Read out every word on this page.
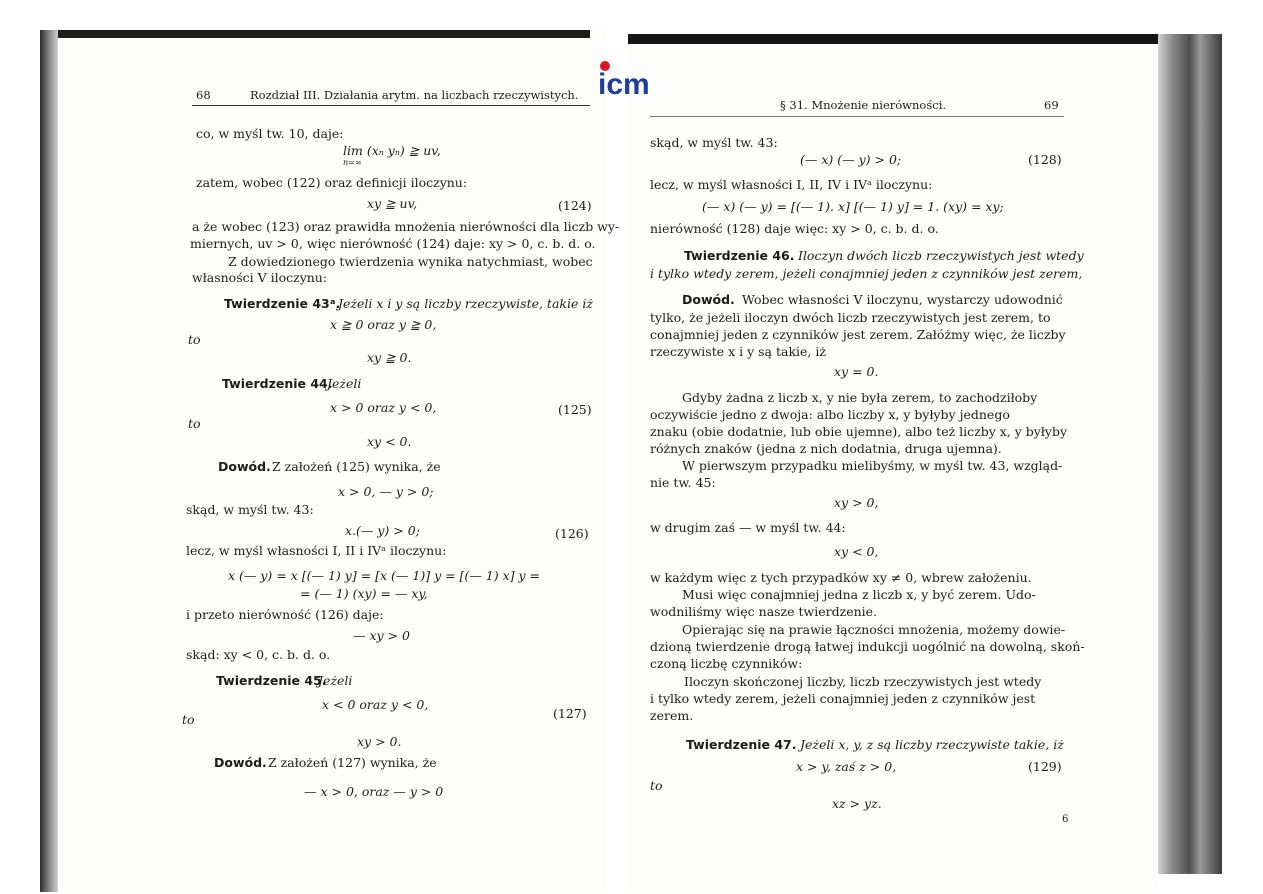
icm
68	Rozdział III. Działania arytm. na liczbach rzeczywistych.
co, w myśl tw. 10, daje:
lim (xₙ yₙ) ≧ uv,
n=∞
zatem, wobec (122) oraz definicji iloczynu:
xy ≧ uv,	(124)
a że wobec (123) oraz prawidła mnożenia nierówności dla liczb wy-
miernych, uv > 0, więc nierówność (124) daje: xy > 0, c. b. d. o.
Z dowiedzionego twierdzenia wynika natychmiast, wobec
własności V iloczynu:
Twierdzenie 43ᵃ.
Jeżeli x i y są liczby rzeczywiste, takie iż
x ≧ 0 oraz y ≧ 0,
to
xy ≧ 0.
Twierdzenie 44.
Jeżeli
x > 0 oraz y < 0,	(125)
to
xy < 0.
Dowód. Z założeń (125) wynika, że
x > 0, — y > 0;
skąd, w myśl tw. 43:
x.(— y) > 0;	(126)
lecz, w myśl własności I, II i IVᵃ iloczynu:
x (— y) = x [(— 1) y] = [x (— 1)] y = [(— 1) x] y =
= (— 1) (xy) = — xy,
i przeto nierówność (126) daje:
— xy > 0
skąd: xy < 0, c. b. d. o.
Twierdzenie 45.
Jeżeli
x < 0 oraz y < 0,
(127)
to
xy > 0.
Dowód. Z założeń (127) wynika, że
— x > 0, oraz — y > 0
§ 31. Mnożenie nierówności.	69
skąd, w myśl tw. 43:
(— x) (— y) > 0;	(128)
lecz, w myśl własności I, II, IV i IVᵃ iloczynu:
(— x) (— y) = [(— 1). x] [(— 1) y] = 1. (xy) = xy;
nierówność (128) daje więc: xy > 0, c. b. d. o.
Twierdzenie 46. Iloczyn dwóch liczb rzeczywistych jest wtedy
i tylko wtedy zerem, jeżeli conajmniej jeden z czynników jest zerem,
Dowód. Wobec własności V iloczynu, wystarczy udowodnić
tylko, że jeżeli iloczyn dwóch liczb rzeczywistych jest zerem, to
conajmniej jeden z czynników jest zerem. Załóżmy więc, że liczby
rzeczywiste x i y są takie, iż
xy = 0.
Gdyby żadna z liczb x, y nie była zerem, to zachodziłoby
oczywiście jedno z dwoja: albo liczby x, y byłyby jednego
znaku (obie dodatnie, lub obie ujemne), albo też liczby x, y byłyby
różnych znaków (jedna z nich dodatnia, druga ujemna).
W pierwszym przypadku mielibyśmy, w myśl tw. 43, wzgląd-
nie tw. 45:
xy > 0,
w drugim zaś — w myśl tw. 44:
xy < 0,
w każdym więc z tych przypadków xy ≠ 0, wbrew założeniu.
Musi więc conajmniej jedna z liczb x, y być zerem. Udo-
wodniliśmy więc nasze twierdzenie.
Opierając się na prawie łączności mnożenia, możemy dowie-
dzioną twierdzenie drogą łatwej indukcji uogólnić na dowolną, skoń-
czoną liczbę czynników:
Iloczyn skończonej liczby, liczb rzeczywistych jest wtedy
i tylko wtedy zerem, jeżeli conajmniej jeden z czynników jest
zerem.
Twierdzenie 47. Jeżeli x, y, z są liczby rzeczywiste takie, iż
x > y, zaś z > 0,	(129)
to
xz > yz.
6
